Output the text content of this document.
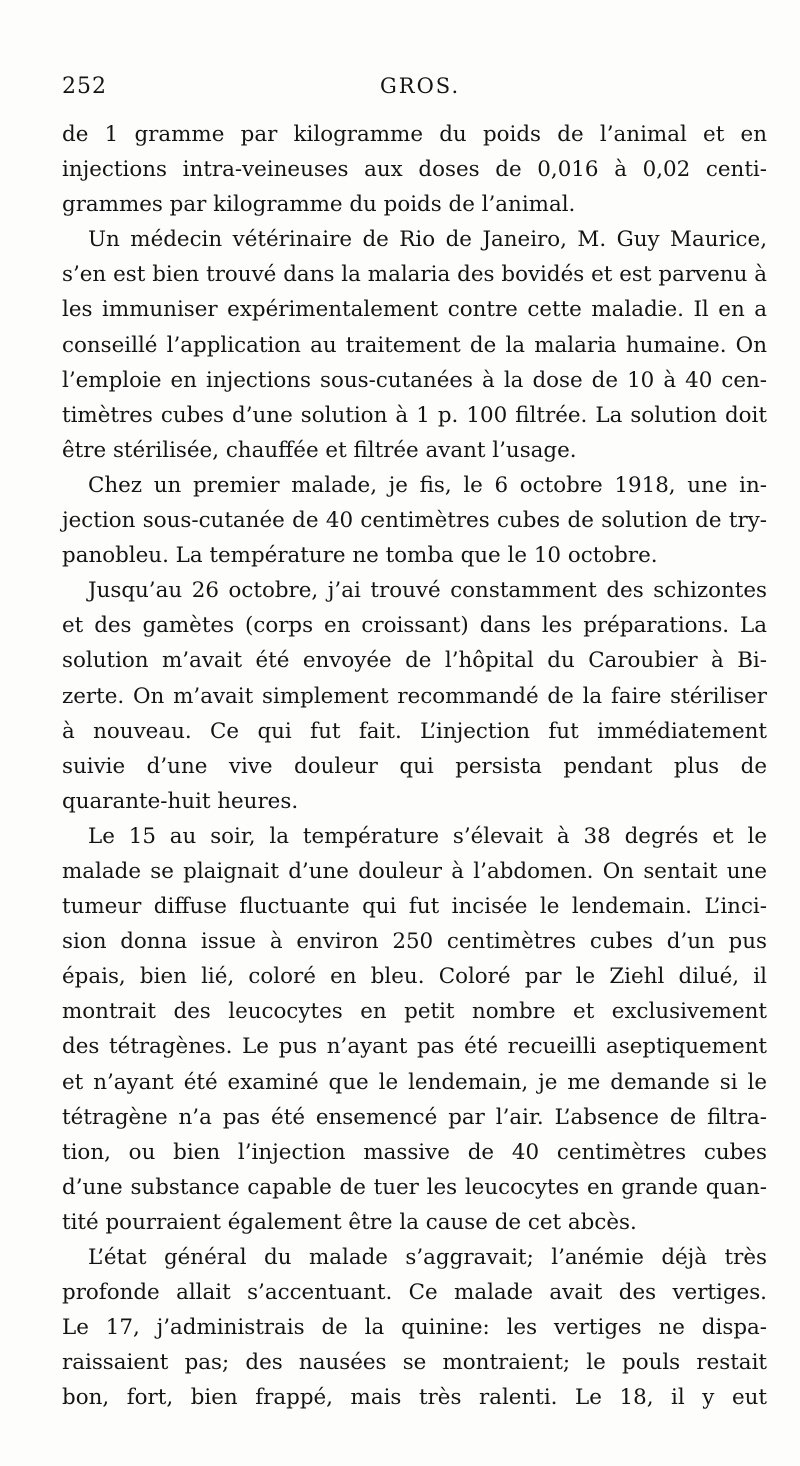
252	GROS.
de 1 gramme par kilogramme du poids de l’animal et en
injections intra-veineuses aux doses de 0,016 à 0,02 centi-
grammes par kilogramme du poids de l’animal.
Un médecin vétérinaire de Rio de Janeiro, M. Guy Maurice,
s’en est bien trouvé dans la malaria des bovidés et est parvenu à
les immuniser expérimentalement contre cette maladie. Il en a
conseillé l’application au traitement de la malaria humaine. On
l’emploie en injections sous-cutanées à la dose de 10 à 40 cen-
timètres cubes d’une solution à 1 p. 100 filtrée. La solution doit
être stérilisée, chauffée et filtrée avant l’usage.
Chez un premier malade, je fis, le 6 octobre 1918, une in-
jection sous-cutanée de 40 centimètres cubes de solution de try-
panobleu. La température ne tomba que le 10 octobre.
Jusqu’au 26 octobre, j’ai trouvé constamment des schizontes
et des gamètes (corps en croissant) dans les préparations. La
solution m’avait été envoyée de l’hôpital du Caroubier à Bi-
zerte. On m’avait simplement recommandé de la faire stériliser
à nouveau. Ce qui fut fait. L’injection fut immédiatement
suivie d’une vive douleur qui persista pendant plus de
quarante-huit heures.
Le 15 au soir, la température s’élevait à 38 degrés et le
malade se plaignait d’une douleur à l’abdomen. On sentait une
tumeur diffuse fluctuante qui fut incisée le lendemain. L’inci-
sion donna issue à environ 250 centimètres cubes d’un pus
épais, bien lié, coloré en bleu. Coloré par le Ziehl dilué, il
montrait des leucocytes en petit nombre et exclusivement
des tétragènes. Le pus n’ayant pas été recueilli aseptiquement
et n’ayant été examiné que le lendemain, je me demande si le
tétragène n’a pas été ensemencé par l’air. L’absence de filtra-
tion, ou bien l’injection massive de 40 centimètres cubes
d’une substance capable de tuer les leucocytes en grande quan-
tité pourraient également être la cause de cet abcès.
L’état général du malade s’aggravait; l’anémie déjà très
profonde allait s’accentuant. Ce malade avait des vertiges.
Le 17, j’administrais de la quinine: les vertiges ne dispa-
raissaient pas; des nausées se montraient; le pouls restait
bon, fort, bien frappé, mais très ralenti. Le 18, il y eut
